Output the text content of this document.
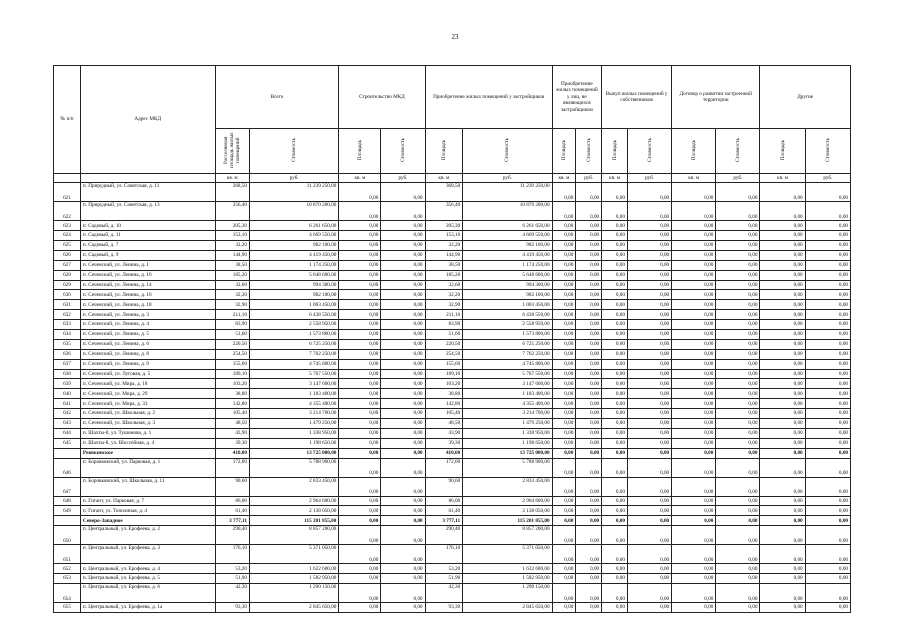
23
№ п/п	Адрес МКД	Всего		Строительство МКД		Приобретение жилых помещений у застройщиков		Приобретение жилых помещений у лиц, не являющихся застройщиком		Выкуп жилых помещений у собственников		Договор о развитии застроенной территории		Другие	
		Расселяемая площадь жилых помещений	Стоимость	Площадь	Стоимость	Площадь	Стоимость	Площадь	Стоимость	Площадь	Стоимость	Площадь	Стоимость	Площадь	Стоимость
		кв. м	руб.	кв. м	руб.	кв. м	руб.	кв. м	руб.	кв. м	руб.	кв. м	руб.	кв. м	руб.
621	п. Прирудный, ул. Советская, д. 11	368,50	11 239 250,00	0,00	0,00	368,50	11 239 250,00	0,00	0,00	0,00	0,00	0,00	0,00	0,00	0,00
622	п. Прирудный, ул. Советская, д. 13	356,40	10 870 200,00	0,00	0,00	356,40	10 870 200,00	0,00	0,00	0,00	0,00	0,00	0,00	0,00	0,00
623	п. Садовый, д. 10	205,30	6 261 650,00	0,00	0,00	205,30	6 261 650,00	0,00	0,00	0,00	0,00	0,00	0,00	0,00	0,00
624	п. Садовый, д. 11	153,10	4 669 550,00	0,00	0,00	153,10	4 669 550,00	0,00	0,00	0,00	0,00	0,00	0,00	0,00	0,00
625	п. Садовый, д. 7	32,20	982 100,00	0,00	0,00	32,20	982 100,00	0,00	0,00	0,00	0,00	0,00	0,00	0,00	0,00
626	п. Садовый, д. 9	144,90	4 419 450,00	0,00	0,00	144,90	4 419 450,00	0,00	0,00	0,00	0,00	0,00	0,00	0,00	0,00
627	п. Сеченский, ул. Ленина, д. 1	38,50	1 174 250,00	0,00	0,00	38,50	1 174 250,00	0,00	0,00	0,00	0,00	0,00	0,00	0,00	0,00
628	п. Сеченский, ул. Ленина, д. 10	185,20	5 648 600,00	0,00	0,00	185,20	5 648 600,00	0,00	0,00	0,00	0,00	0,00	0,00	0,00	0,00
629	п. Сеченский, ул. Ленина, д. 14	32,60	994 300,00	0,00	0,00	32,60	994 300,00	0,00	0,00	0,00	0,00	0,00	0,00	0,00	0,00
630	п. Сеченский, ул. Ленина, д. 16	32,20	982 100,00	0,00	0,00	32,20	982 100,00	0,00	0,00	0,00	0,00	0,00	0,00	0,00	0,00
631	п. Сеченский, ул. Ленина, д. 18	32,90	1 003 450,00	0,00	0,00	32,90	1 003 450,00	0,00	0,00	0,00	0,00	0,00	0,00	0,00	0,00
632	п. Сеченский, ул. Ленина, д. 3	211,10	6 438 550,00	0,00	0,00	211,10	6 438 550,00	0,00	0,00	0,00	0,00	0,00	0,00	0,00	0,00
633	п. Сеченский, ул. Ленина, д. 4	83,90	2 558 950,00	0,00	0,00	83,90	2 558 950,00	0,00	0,00	0,00	0,00	0,00	0,00	0,00	0,00
634	п. Сеченский, ул. Ленина, д. 5	51,60	1 573 800,00	0,00	0,00	51,60	1 573 800,00	0,00	0,00	0,00	0,00	0,00	0,00	0,00	0,00
635	п. Сеченский, ул. Ленина, д. 6	220,50	6 725 250,00	0,00	0,00	220,50	6 725 250,00	0,00	0,00	0,00	0,00	0,00	0,00	0,00	0,00
636	п. Сеченский, ул. Ленина, д. 8	254,50	7 762 250,00	0,00	0,00	254,50	7 762 250,00	0,00	0,00	0,00	0,00	0,00	0,00	0,00	0,00
637	п. Сеченский, ул. Ленина, д. 9	155,60	4 745 800,00	0,00	0,00	155,60	4 745 800,00	0,00	0,00	0,00	0,00	0,00	0,00	0,00	0,00
638	п. Сеченский, ул. Луговая, д. 5	189,10	5 767 550,00	0,00	0,00	189,10	5 767 550,00	0,00	0,00	0,00	0,00	0,00	0,00	0,00	0,00
639	п. Сеченский, ул. Мира, д. 18	103,20	3 147 600,00	0,00	0,00	103,20	3 147 600,00	0,00	0,00	0,00	0,00	0,00	0,00	0,00	0,00
640	п. Сеченский, ул. Мира, д. 29	38,80	1 183 400,00	0,00	0,00	38,80	1 183 400,00	0,00	0,00	0,00	0,00	0,00	0,00	0,00	0,00
641	п. Сеченский, ул. Мира, д. 33	142,80	4 355 400,00	0,00	0,00	142,80	4 355 400,00	0,00	0,00	0,00	0,00	0,00	0,00	0,00	0,00
642	п. Сеченский, ул. Школьная, д. 2	105,40	3 214 700,00	0,00	0,00	105,40	3 214 700,00	0,00	0,00	0,00	0,00	0,00	0,00	0,00	0,00
643	п. Сеченский, ул. Школьная, д. 3	48,50	1 479 250,00	0,00	0,00	48,50	1 479 250,00	0,00	0,00	0,00	0,00	0,00	0,00	0,00	0,00
644	п. Шахты-8, ул. Тушинова, д. 1	43,90	1 338 950,00	0,00	0,00	43,90	1 338 950,00	0,00	0,00	0,00	0,00	0,00	0,00	0,00	0,00
645	п. Шахты-8, ул. Шоссейная, д. 4	39,30	1 198 650,00	0,00	0,00	39,30	1 198 650,00	0,00	0,00	0,00	0,00	0,00	0,00	0,00	0,00
	Ревякинское	410,00	13 725 000,00	0,00	0,00	410,00	13 725 000,00	0,00	0,00	0,00	0,00	0,00	0,00	0,00	0,00
646	п. Боровковский, ул. Парковая, д. 1	172,00	5 788 900,00	0,00	0,00	172,00	5 788 900,00	0,00	0,00	0,00	0,00	0,00	0,00	0,00	0,00
647	п. Боровковский, ул. Школьная, д. 11	90,60	2 833 450,00	0,00	0,00	90,60	2 833 450,00	0,00	0,00	0,00	0,00	0,00	0,00	0,00	0,00
648	п. Гигант, ул. Парковая, д. 7	86,00	2 964 600,00	0,00	0,00	86,00	2 964 600,00	0,00	0,00	0,00	0,00	0,00	0,00	0,00	0,00
649	п. Гигант, ул. Тополиная, д. 4	61,40	2 138 050,00	0,00	0,00	61,40	2 138 050,00	0,00	0,00	0,00	0,00	0,00	0,00	0,00	0,00
	Северо-Западное	3 777,11	115 201 855,00	0,00	0,00	3 777,11	115 201 855,00	0,00	0,00	0,00	0,00	0,00	0,00	0,00	0,00
650	п. Центральный, ул. Ерофеева, д. 2	290,40	8 857 200,00	0,00	0,00	290,40	8 857 200,00	0,00	0,00	0,00	0,00	0,00	0,00	0,00	0,00
651	п. Центральный, ул. Ерофеева, д. 3	176,10	5 371 050,00	0,00	0,00	176,10	5 371 050,00	0,00	0,00	0,00	0,00	0,00	0,00	0,00	0,00
652	п. Центральный, ул. Ерофеева, д. 4	53,20	1 622 600,00	0,00	0,00	53,20	1 622 600,00	0,00	0,00	0,00	0,00	0,00	0,00	0,00	0,00
653	п. Центральный, ул. Ерофеева, д. 5	51,90	1 582 950,00	0,00	0,00	51,90	1 582 950,00	0,00	0,00	0,00	0,00	0,00	0,00	0,00	0,00
654	п. Центральный, ул. Ерофеева, д. 6	42,30	1 290 150,00	0,00	0,00	42,30	1 290 150,00	0,00	0,00	0,00	0,00	0,00	0,00	0,00	0,00
655	п. Центральный, ул. Ерофеева, д. 1а	93,30	2 845 650,00	0,00	0,00	93,30	2 845 650,00	0,00	0,00	0,00	0,00	0,00	0,00	0,00	0,00
